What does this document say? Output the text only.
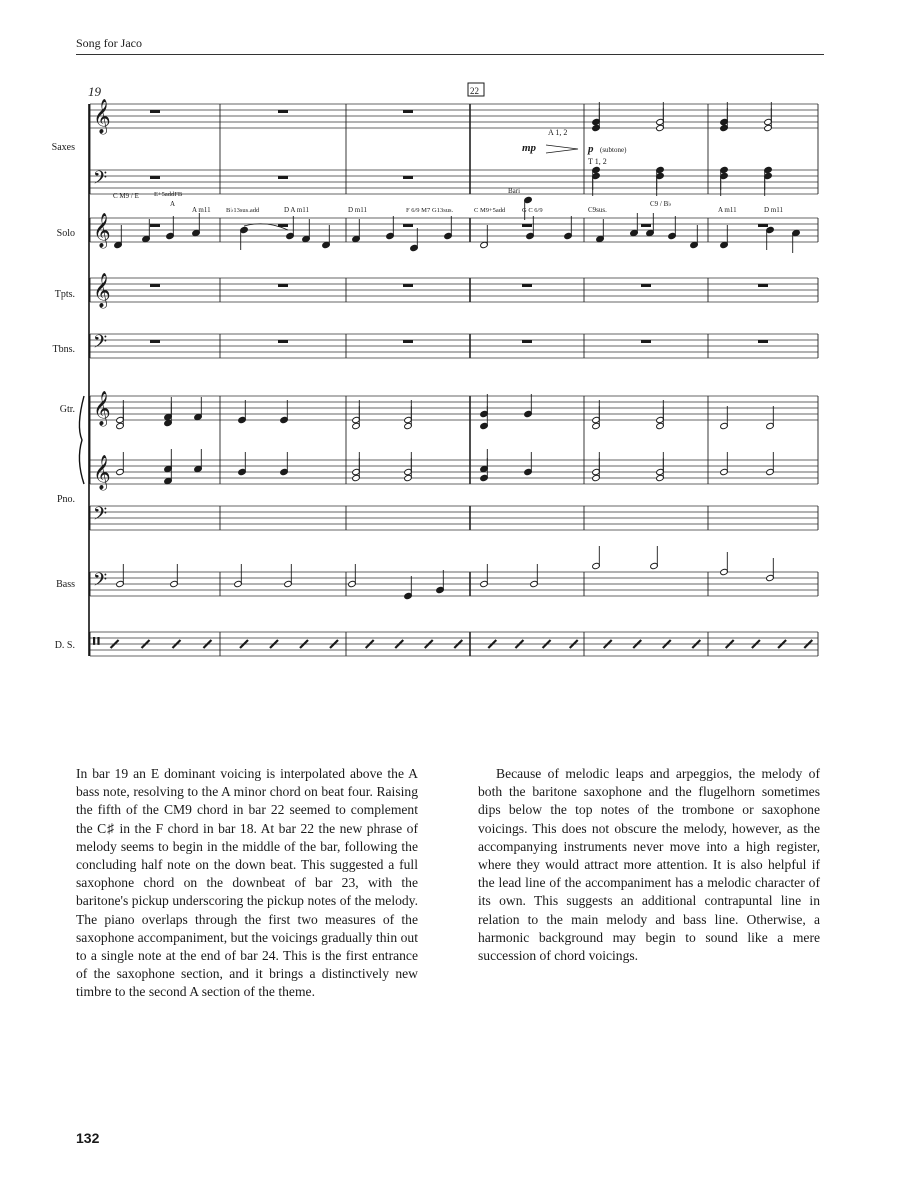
Song for Jaco
𝄞
𝄢
𝄞
𝄞
𝄢
𝄞
𝄞
𝄢
𝄢
𝄥
19	22
Saxes
Solo
Tpts.
Tbns.
Gtr.
Pno.
Bass
D. S.
A 1, 2
T 1, 2
mp	p (subtone)
Bari
C M9 / E E+5addFB
A
A m11 B♭13sus.add	D A m11	D m11	F 6/9 M7 G13sus.	C M9+5add	G C 6/9	C9sus.
C9 / B♭
A m11	D m11
In bar 19 an E dominant voicing is interpolated above the A bass note, resolving to the A minor chord on beat four. Raising the fifth of the CM9 chord in bar 22 seemed to complement the C♯ in the F chord in bar 18. At bar 22 the new phrase of melody seems to begin in the middle of the bar, following the concluding half note on the down beat. This suggested a full saxophone chord on the downbeat of bar 23, with the baritone's pickup underscoring the pickup notes of the melody. The piano overlaps through the first two measures of the saxophone accompaniment, but the voicings gradually thin out to a single note at the end of bar 24. This is the first entrance of the saxophone section, and it brings a distinctively new timbre to the second A section of the theme.
Because of melodic leaps and arpeggios, the melody of both the baritone saxophone and the flugelhorn sometimes dips below the top notes of the trombone or saxophone voicings. This does not obscure the melody, however, as the accompanying instruments never move into a high register, where they would attract more attention. It is also helpful if the lead line of the accompaniment has a melodic character of its own. This suggests an additional contrapuntal line in relation to the main melody and bass line. Otherwise, a harmonic background may begin to sound like a mere succession of chord voicings.
132
